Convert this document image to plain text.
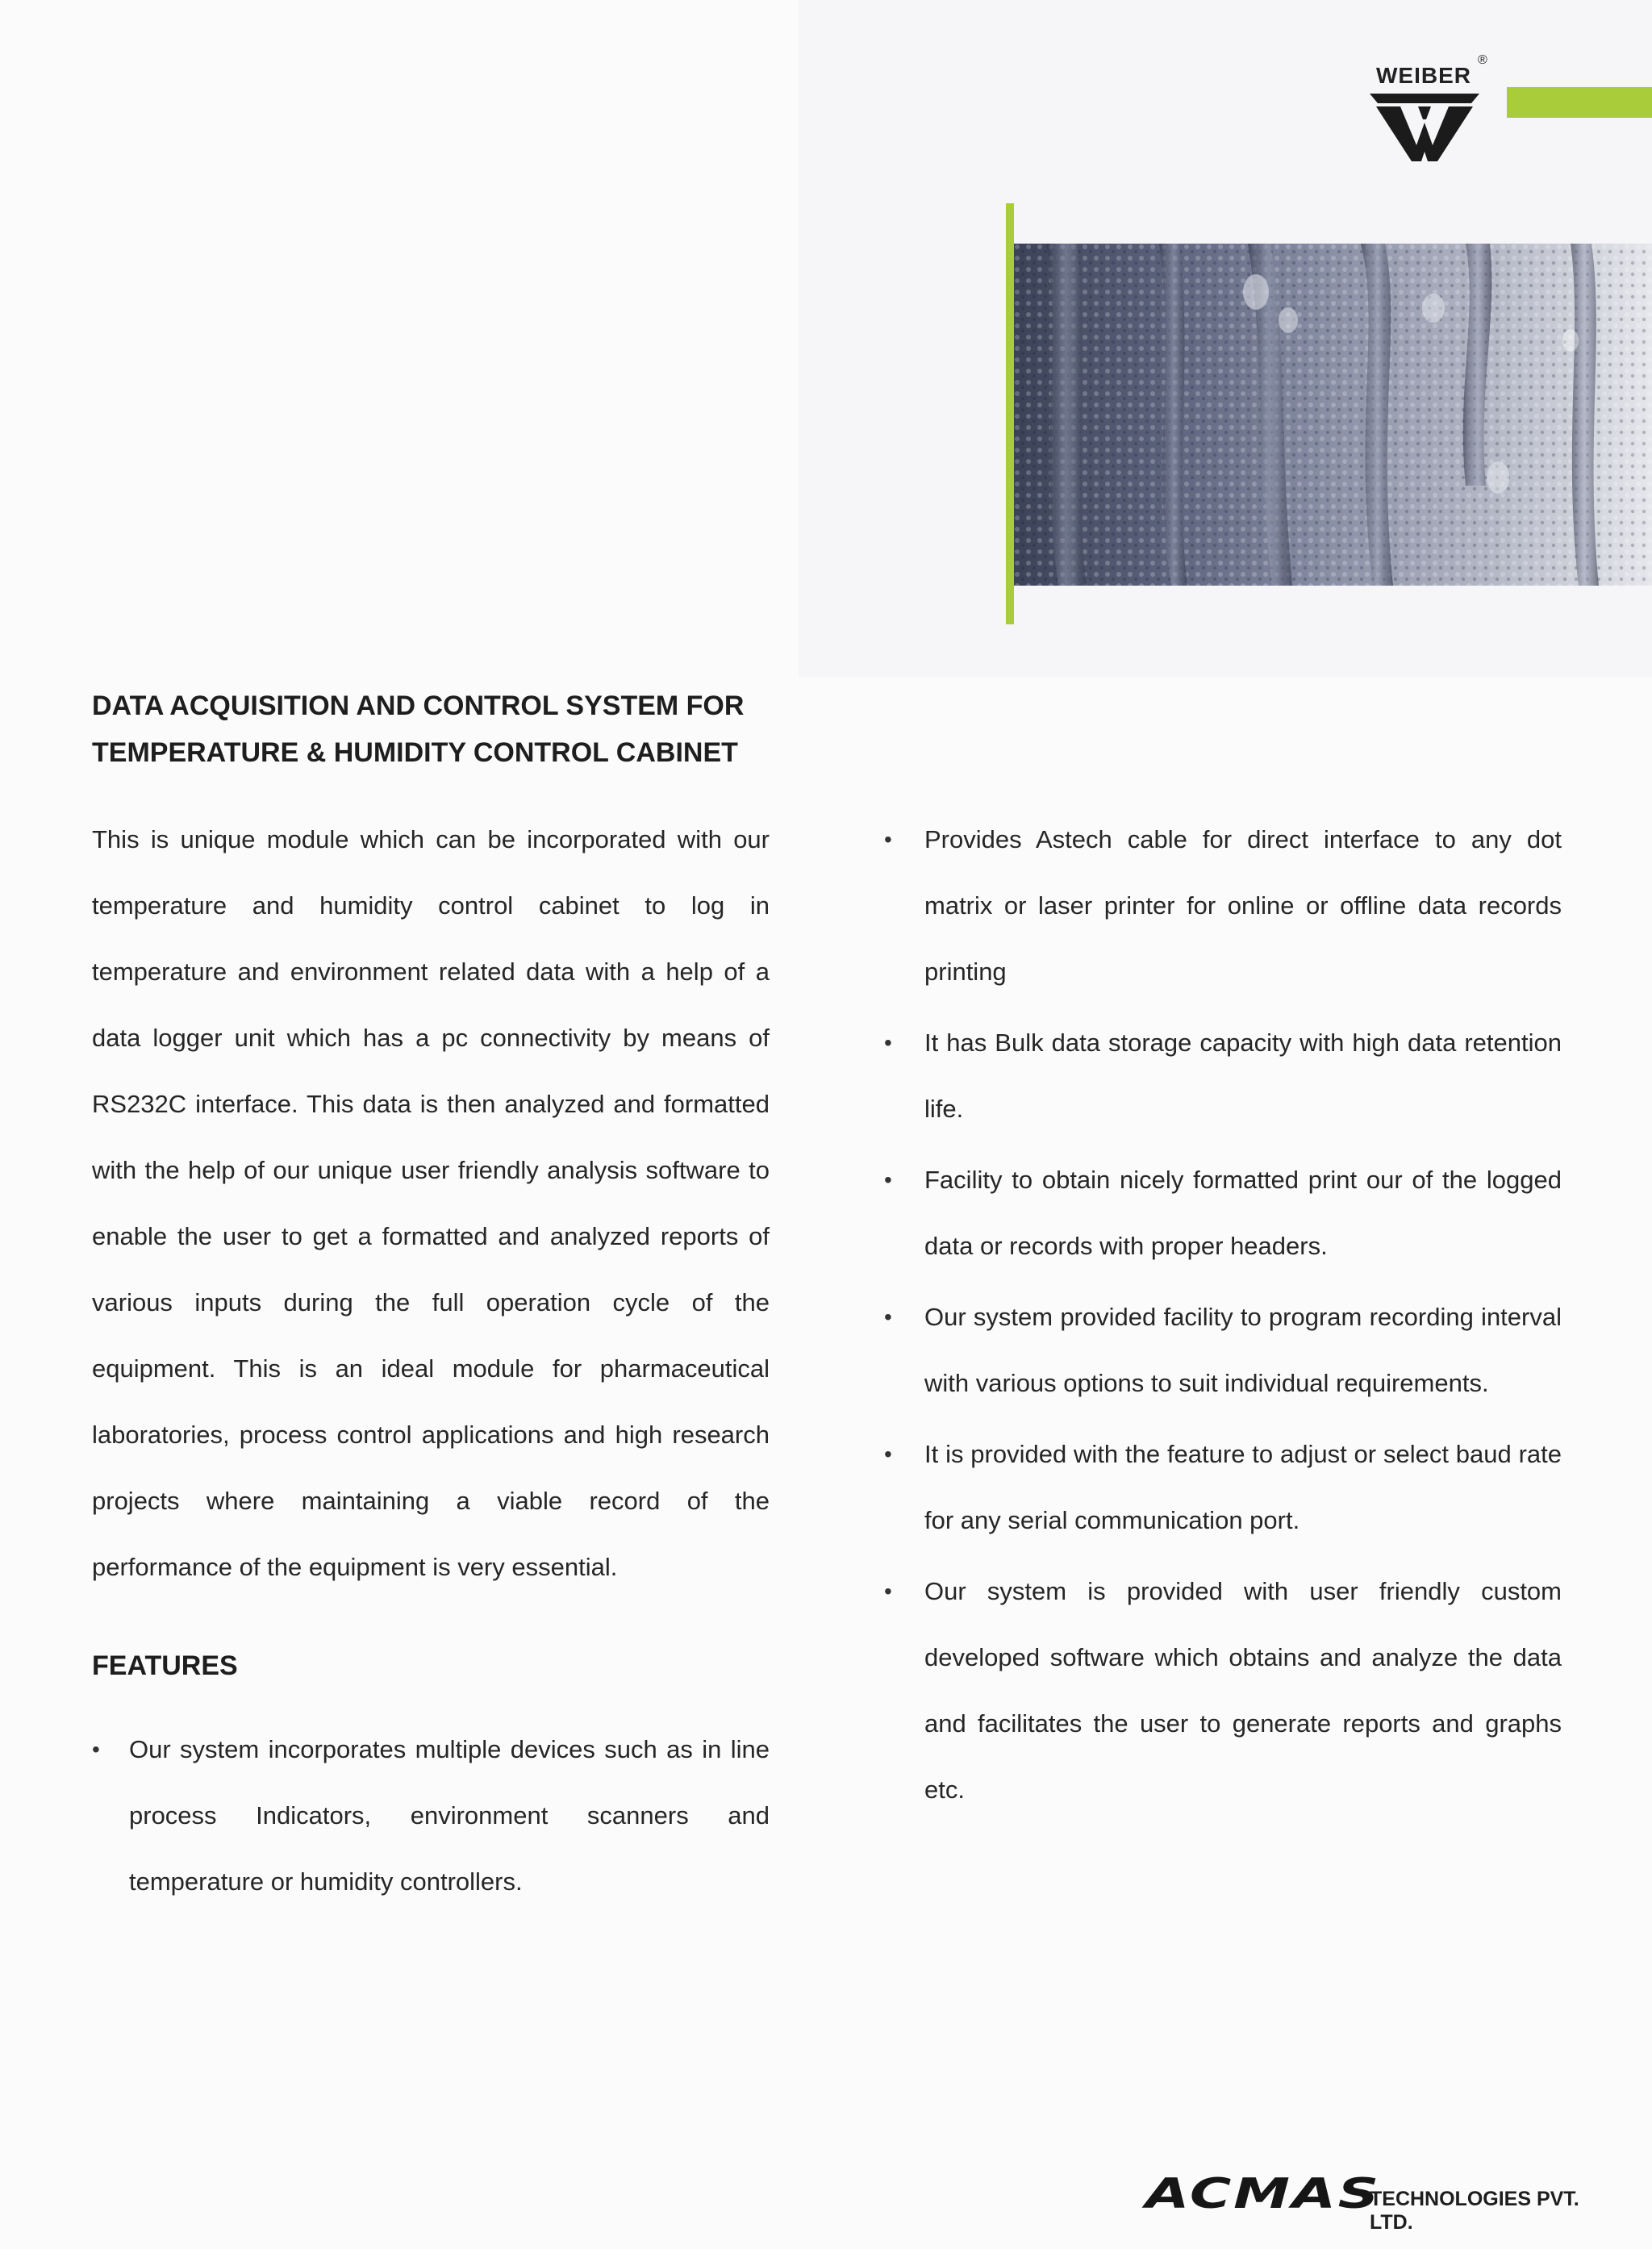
WEIBER
®
DATA ACQUISITION AND CONTROL SYSTEM FOR
TEMPERATURE & HUMIDITY CONTROL CABINET
This is unique module which can be incorporated with our temperature and humidity control cabinet to log in temperature and environment related data with a help of a data logger unit which has a pc connectivity by means of RS232C interface. This data is then analyzed and formatted with the help of our unique user friendly analysis software to enable the user to get a formatted and analyzed reports of various inputs during the full operation cycle of the equipment. This is an ideal module for pharmaceutical laboratories, process control applications and high research projects where maintaining a viable record of the performance of the equipment is very essential.
FEATURES
• Our system incorporates multiple devices such as in line process Indicators, environment scanners and temperature or humidity controllers.
• Provides Astech cable for direct interface to any dot matrix or laser printer for online or offline data records printing
• It has Bulk data storage capacity with high data retention life.
• Facility to obtain nicely formatted print our of the logged data or records with proper headers.
• Our system provided facility to program recording interval with various options to suit individual requirements.
• It is provided with the feature to adjust or select baud rate for any serial communication port.
• Our system is provided with user friendly custom developed software which obtains and analyze the data and facilitates the user to generate reports and graphs etc.
ACMAS
TECHNOLOGIES PVT. LTD.
